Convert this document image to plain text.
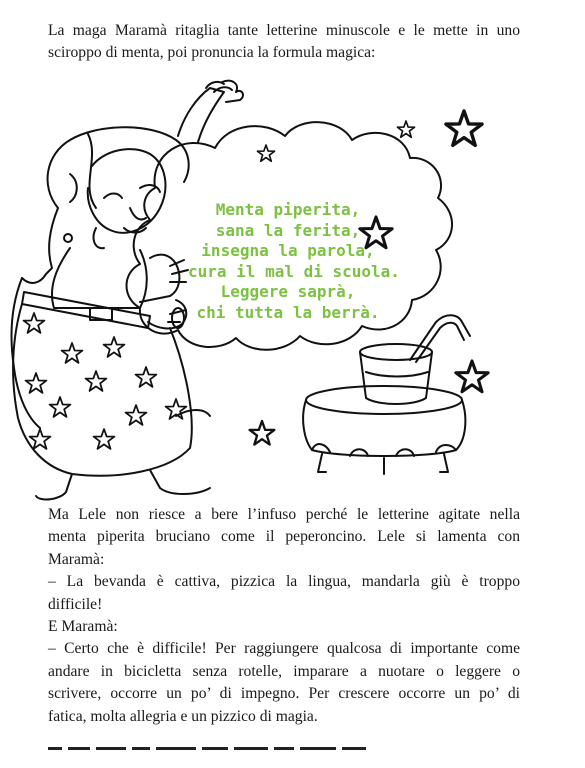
La maga Maramà ritaglia tante letterine minuscole e le mette in uno
sciroppo di menta, poi pronuncia la formula magica:

Menta piperita,
sana la ferita,
insegna la parola,
cura il mal di scuola.
Leggere saprà,
chi tutta la berrà.

Ma Lele non riesce a bere l’infuso perché le letterine agitate nella
menta piperita bruciano come il peperoncino. Lele si lamenta con
Maramà:
– La bevanda è cattiva, pizzica la lingua, mandarla giù è troppo
difficile!
E Maramà:
– Certo che è difficile! Per raggiungere qualcosa di importante come
andare in bicicletta senza rotelle, imparare a nuotare o leggere o
scrivere, occorre un po’ di impegno. Per crescere occorre un po’ di
fatica, molta allegria e un pizzico di magia.
